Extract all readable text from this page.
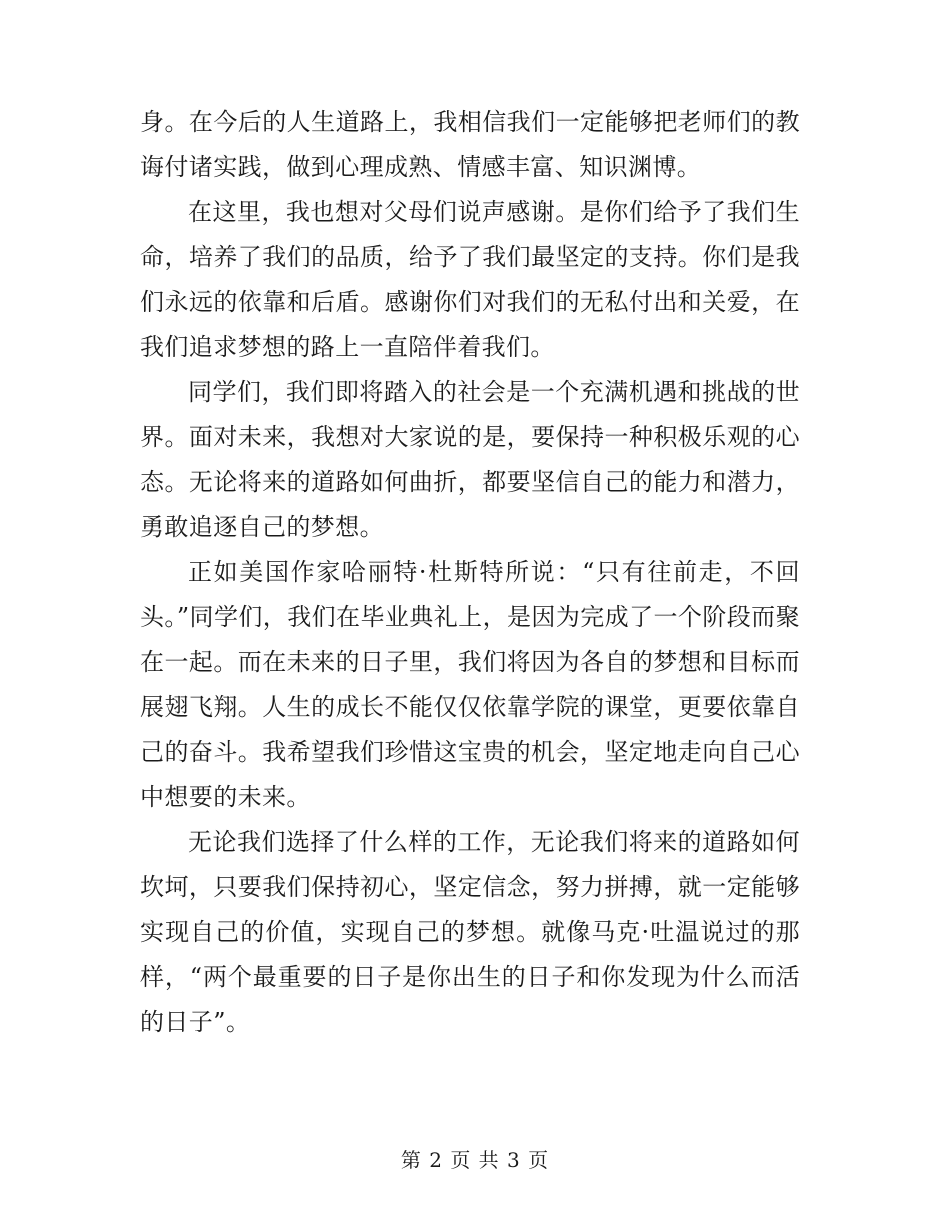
身。在今后的人生道路上，我相信我们一定能够把老师们的教诲付诸实践，做到心理成熟、情感丰富、知识渊博。

在这里，我也想对父母们说声感谢。是你们给予了我们生命，培养了我们的品质，给予了我们最坚定的支持。你们是我们永远的依靠和后盾。感谢你们对我们的无私付出和关爱，在我们追求梦想的路上一直陪伴着我们。

同学们，我们即将踏入的社会是一个充满机遇和挑战的世界。面对未来，我想对大家说的是，要保持一种积极乐观的心态。无论将来的道路如何曲折，都要坚信自己的能力和潜力，勇敢追逐自己的梦想。

正如美国作家哈丽特·杜斯特所说：“只有往前走，不回头。”同学们，我们在毕业典礼上，是因为完成了一个阶段而聚在一起。而在未来的日子里，我们将因为各自的梦想和目标而展翅飞翔。人生的成长不能仅仅依靠学院的课堂，更要依靠自己的奋斗。我希望我们珍惜这宝贵的机会，坚定地走向自己心中想要的未来。

无论我们选择了什么样的工作，无论我们将来的道路如何坎坷，只要我们保持初心，坚定信念，努力拼搏，就一定能够实现自己的价值，实现自己的梦想。就像马克·吐温说过的那样，“两个最重要的日子是你出生的日子和你发现为什么而活的日子”。

第 2 页 共 3 页
